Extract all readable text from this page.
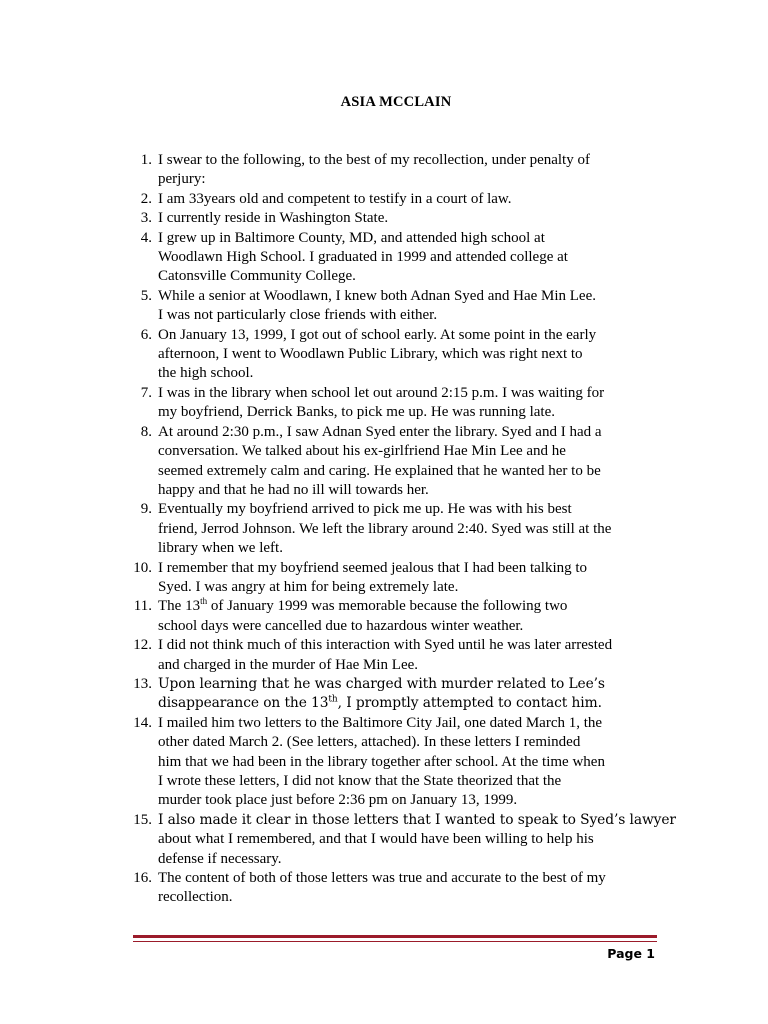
ASIA MCCLAIN
1. I swear to the following, to the best of my recollection, under penalty of
perjury:
2. I am 33years old and competent to testify in a court of law.
3. I currently reside in Washington State.
4. I grew up in Baltimore County, MD, and attended high school at
Woodlawn High School. I graduated in 1999 and attended college at
Catonsville Community College.
5. While a senior at Woodlawn, I knew both Adnan Syed and Hae Min Lee.
I was not particularly close friends with either.
6. On January 13, 1999, I got out of school early. At some point in the early
afternoon, I went to Woodlawn Public Library, which was right next to
the high school.
7. I was in the library when school let out around 2:15 p.m. I was waiting for
my boyfriend, Derrick Banks, to pick me up. He was running late.
8. At around 2:30 p.m., I saw Adnan Syed enter the library. Syed and I had a
conversation. We talked about his ex-girlfriend Hae Min Lee and he
seemed extremely calm and caring. He explained that he wanted her to be
happy and that he had no ill will towards her.
9. Eventually my boyfriend arrived to pick me up. He was with his best
friend, Jerrod Johnson. We left the library around 2:40. Syed was still at the
library when we left.
10. I remember that my boyfriend seemed jealous that I had been talking to
Syed. I was angry at him for being extremely late.
11. The 13th of January 1999 was memorable because the following two
school days were cancelled due to hazardous winter weather.
12. I did not think much of this interaction with Syed until he was later arrested
and charged in the murder of Hae Min Lee.
13. Upon learning that he was charged with murder related to Lee’s
disappearance on the 13th, I promptly attempted to contact him.
14. I mailed him two letters to the Baltimore City Jail, one dated March 1, the
other dated March 2. (See letters, attached). In these letters I reminded
him that we had been in the library together after school. At the time when
I wrote these letters, I did not know that the State theorized that the
murder took place just before 2:36 pm on January 13, 1999.
15. I also made it clear in those letters that I wanted to speak to Syed’s lawyer
about what I remembered, and that I would have been willing to help his
defense if necessary.
16. The content of both of those letters was true and accurate to the best of my
recollection.
Page 1
